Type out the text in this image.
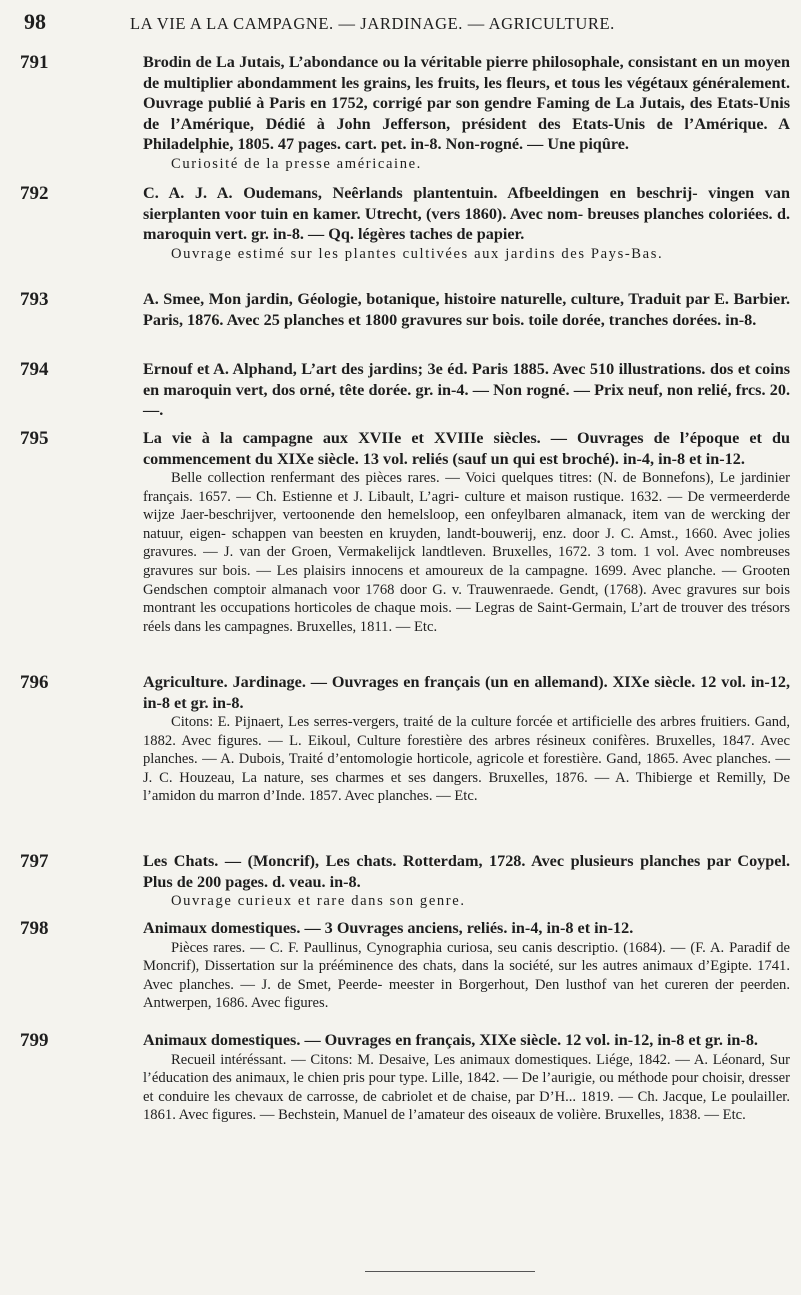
98	LA VIE A LA CAMPAGNE. — JARDINAGE. — AGRICULTURE.
791	Brodin de La Jutais, L’abondance ou la véritable pierre philosophale, consistant en un moyen de multiplier abondamment les grains, les fruits, les fleurs, et tous les végétaux généralement. Ouvrage publié à Paris en 1752, corrigé par son gendre Faming de La Jutais, des Etats-Unis de l’Amérique, Dédié à John Jefferson, président des Etats-Unis de l’Amérique. A Philadelphie, 1805. 47 pages. cart. pet. in-8. Non-rogné. — Une piqûre.
Curiosité de la presse américaine.
792	C. A. J. A. Oudemans, Neêrlands plantentuin. Afbeeldingen en beschrij- vingen van sierplanten voor tuin en kamer. Utrecht, (vers 1860). Avec nom- breuses planches coloriées. d. maroquin vert. gr. in-8. — Qq. légères taches de papier.
Ouvrage estimé sur les plantes cultivées aux jardins des Pays-Bas.
793	A. Smee, Mon jardin, Géologie, botanique, histoire naturelle, culture, Traduit par E. Barbier. Paris, 1876. Avec 25 planches et 1800 gravures sur bois. toile dorée, tranches dorées. in-8.
794	Ernouf et A. Alphand, L’art des jardins; 3e éd. Paris 1885. Avec 510 illustrations. dos et coins en maroquin vert, dos orné, tête dorée. gr. in-4. — Non rogné. — Prix neuf, non relié, frcs. 20.—.
795	La vie à la campagne aux XVIIe et XVIIIe siècles. — Ouvrages de l’époque et du commencement du XIXe siècle. 13 vol. reliés (sauf un qui est broché). in-4, in-8 et in-12.
Belle collection renfermant des pièces rares. — Voici quelques titres: (N. de Bonnefons), Le jardinier français. 1657. — Ch. Estienne et J. Libault, L’agri- culture et maison rustique. 1632. — De vermeerderde wijze Jaer-beschrijver, vertoonende den hemelsloop, een onfeylbaren almanack, item van de wercking der natuur, eigen- schappen van beesten en kruyden, landt-bouwerij, enz. door J. C. Amst., 1660. Avec jolies gravures. — J. van der Groen, Vermakelijck landtleven. Bruxelles, 1672. 3 tom. 1 vol. Avec nombreuses gravures sur bois. — Les plaisirs innocens et amoureux de la campagne. 1699. Avec planche. — Grooten Gendschen comptoir almanach voor 1768 door G. v. Trauwenraede. Gendt, (1768). Avec gravures sur bois montrant les occupations horticoles de chaque mois. — Legras de Saint-Germain, L’art de trouver des trésors réels dans les campagnes. Bruxelles, 1811. — Etc.
796	Agriculture. Jardinage. — Ouvrages en français (un en allemand). XIXe siècle. 12 vol. in-12, in-8 et gr. in-8.
Citons: E. Pijnaert, Les serres-vergers, traité de la culture forcée et artificielle des arbres fruitiers. Gand, 1882. Avec figures. — L. Eikoul, Culture forestière des arbres résineux conifères. Bruxelles, 1847. Avec planches. — A. Dubois, Traité d’entomologie horticole, agricole et forestière. Gand, 1865. Avec planches. — J. C. Houzeau, La nature, ses charmes et ses dangers. Bruxelles, 1876. — A. Thibierge et Remilly, De l’amidon du marron d’Inde. 1857. Avec planches. — Etc.
797	Les Chats. — (Moncrif), Les chats. Rotterdam, 1728. Avec plusieurs planches par Coypel. Plus de 200 pages. d. veau. in-8.
Ouvrage curieux et rare dans son genre.
798	Animaux domestiques. — 3 Ouvrages anciens, reliés. in-4, in-8 et in-12.
Pièces rares. — C. F. Paullinus, Cynographia curiosa, seu canis descriptio. (1684). — (F. A. Paradif de Moncrif), Dissertation sur la prééminence des chats, dans la société, sur les autres animaux d’Egipte. 1741. Avec planches. — J. de Smet, Peerde- meester in Borgerhout, Den lusthof van het cureren der peerden. Antwerpen, 1686. Avec figures.
799	Animaux domestiques. — Ouvrages en français, XIXe siècle. 12 vol. in-12, in-8 et gr. in-8.
Recueil intéréssant. — Citons: M. Desaive, Les animaux domestiques. Liége, 1842. — A. Léonard, Sur l’éducation des animaux, le chien pris pour type. Lille, 1842. — De l’aurigie, ou méthode pour choisir, dresser et conduire les chevaux de carrosse, de cabriolet et de chaise, par D’H... 1819. — Ch. Jacque, Le poulailler. 1861. Avec figures. — Bechstein, Manuel de l’amateur des oiseaux de volière. Bruxelles, 1838. — Etc.
